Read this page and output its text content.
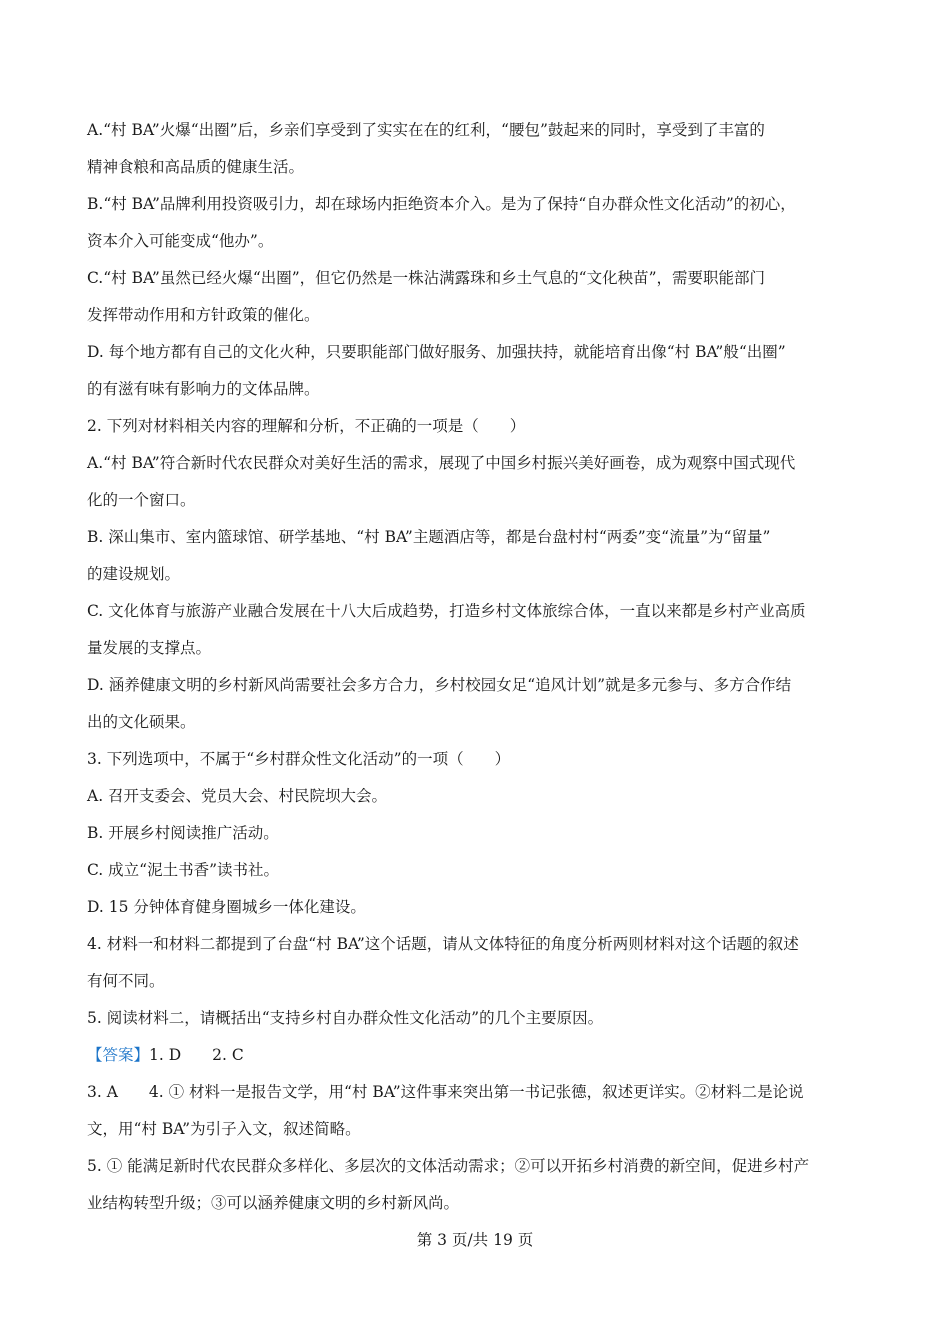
A.“村 BA”火爆“出圈”后，乡亲们享受到了实实在在的红利，“腰包”鼓起来的同时，享受到了丰富的

精神食粮和高品质的健康生活。

B.“村 BA”品牌利用投资吸引力，却在球场内拒绝资本介入。是为了保持“自办群众性文化活动”的初心，

资本介入可能变成“他办”。

C.“村 BA”虽然已经火爆“出圈”，但它仍然是一株沾满露珠和乡土气息的“文化秧苗”，需要职能部门

发挥带动作用和方针政策的催化。

D. 每个地方都有自己的文化火种，只要职能部门做好服务、加强扶持，就能培育出像“村 BA”般“出圈”

的有滋有味有影响力的文体品牌。

2. 下列对材料相关内容的理解和分析，不正确的一项是（　　）

A.“村 BA”符合新时代农民群众对美好生活的需求，展现了中国乡村振兴美好画卷，成为观察中国式现代

化的一个窗口。

B. 深山集市、室内篮球馆、研学基地、“村 BA”主题酒店等，都是台盘村村“两委”变“流量”为“留量”

的建设规划。

C. 文化体育与旅游产业融合发展在十八大后成趋势，打造乡村文体旅综合体，一直以来都是乡村产业高质

量发展的支撑点。

D. 涵养健康文明的乡村新风尚需要社会多方合力，乡村校园女足“追风计划”就是多元参与、多方合作结

出的文化硕果。

3. 下列选项中，不属于“乡村群众性文化活动”的一项（　　）

A. 召开支委会、党员大会、村民院坝大会。

B. 开展乡村阅读推广活动。

C. 成立“泥土书香”读书社。

D. 15 分钟体育健身圈城乡一体化建设。

4. 材料一和材料二都提到了台盘“村 BA”这个话题，请从文体特征的角度分析两则材料对这个话题的叙述

有何不同。

5. 阅读材料二，请概括出“支持乡村自办群众性文化活动”的几个主要原因。

【答案】1. D　　2. C

3. A　　4. ① 材料一是报告文学，用“村 BA”这件事来突出第一书记张德，叙述更详实。②材料二是论说

文，用“村 BA”为引子入文，叙述简略。

5. ① 能满足新时代农民群众多样化、多层次的文体活动需求；②可以开拓乡村消费的新空间，促进乡村产

业结构转型升级；③可以涵养健康文明的乡村新风尚。

第 3 页/共 19 页
